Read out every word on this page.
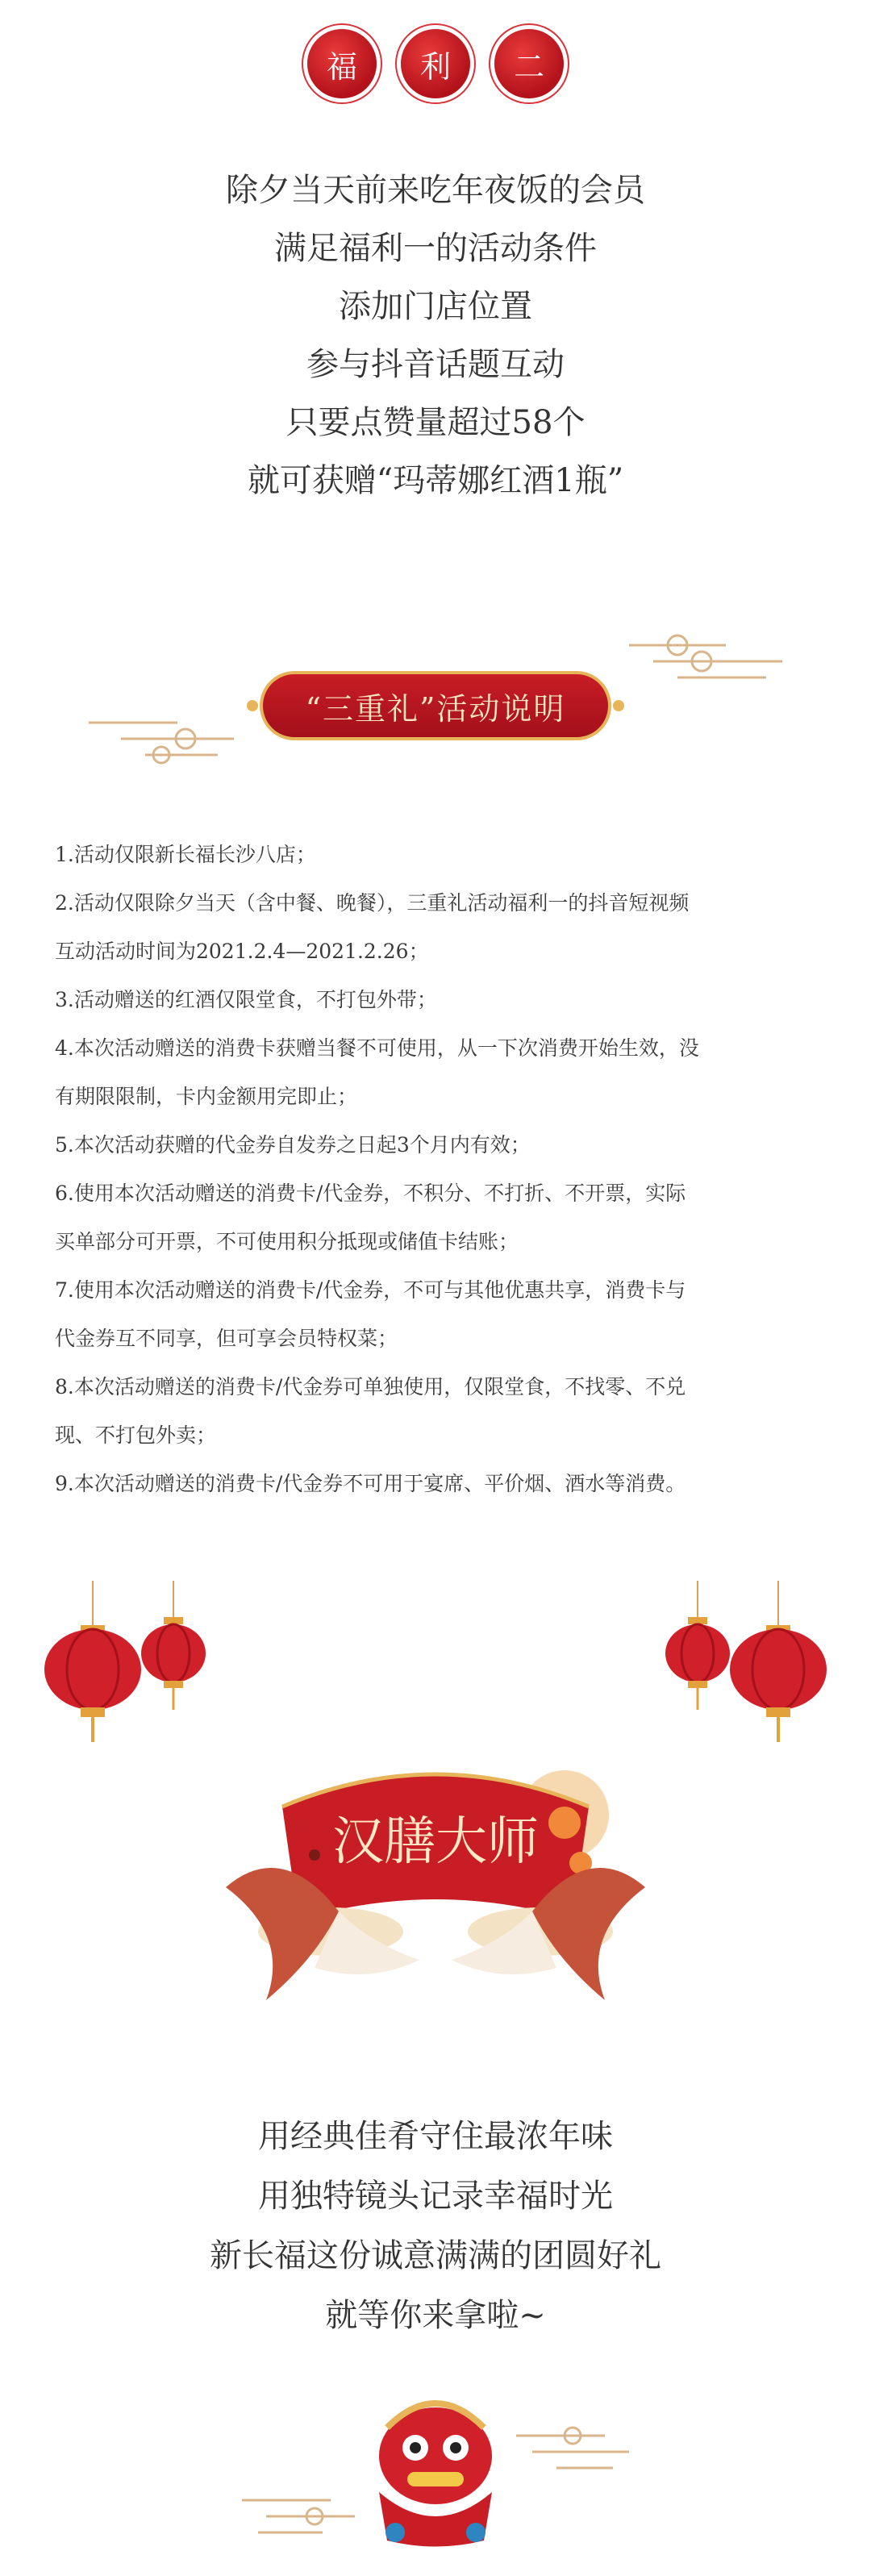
福	利	二
除夕当天前来吃年夜饭的会员
满足福利一的活动条件
添加门店位置
参与抖音话题互动
只要点赞量超过58个
就可获赠“玛蒂娜红酒1瓶”
“三重礼”活动说明

1.活动仅限新长福长沙八店；

2.活动仅限除夕当天（含中餐、晚餐），三重礼活动福利一的抖音短视频

互动活动时间为2021.2.4—2021.2.26；

3.活动赠送的红酒仅限堂食，不打包外带；

4.本次活动赠送的消费卡获赠当餐不可使用，从一下次消费开始生效，没

有期限限制，卡内金额用完即止；

5.本次活动获赠的代金券自发券之日起3个月内有效；

6.使用本次活动赠送的消费卡/代金券，不积分、不打折、不开票，实际

买单部分可开票，不可使用积分抵现或储值卡结账；

7.使用本次活动赠送的消费卡/代金券，不可与其他优惠共享，消费卡与

代金券互不同享，但可享会员特权菜；

8.本次活动赠送的消费卡/代金券可单独使用，仅限堂食，不找零、不兑

现、不打包外卖；

9.本次活动赠送的消费卡/代金券不可用于宴席、平价烟、酒水等消费。

汉膳大师
用经典佳肴守住最浓年味
用独特镜头记录幸福时光
新长福这份诚意满满的团圆好礼
就等你来拿啦~
